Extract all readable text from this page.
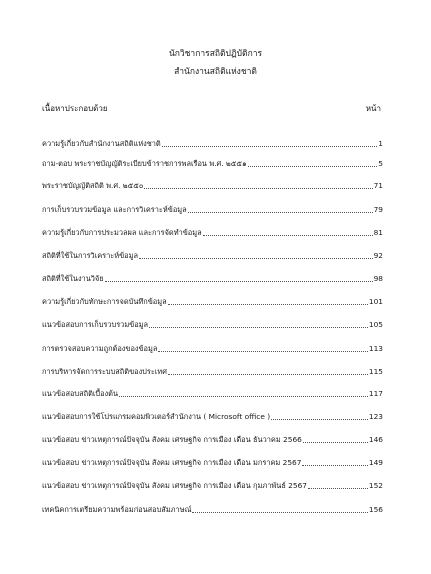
นักวิชาการสถิติปฏิบัติการ
สำนักงานสถิติแห่งชาติ
เนื้อหาประกอบด้วย	หน้า
ความรู้เกี่ยวกับสำนักงานสถิติแห่งชาติ	1
ถาม-ตอบ พระราชบัญญัติระเบียบข้าราชการพลเรือน พ.ศ. ๒๕๕๑	5
พระราชบัญญัติสถิติ พ.ศ. ๒๕๕๐	71
การเก็บรวบรวมข้อมูล และการวิเคราะห์ข้อมูล	79
ความรู้เกี่ยวกับการประมวลผล และการจัดทำข้อมูล	81
สถิติที่ใช้ในการวิเคราะห์ข้อมูล	92
สถิติที่ใช้ในงานวิจัย	98
ความรู้เกี่ยวกับทักษะการจดบันทึกข้อมูล	101
แนวข้อสอบการเก็บรวบรวมข้อมูล	105
การตรวจสอบความถูกต้องของข้อมูล	113
การบริหารจัดการระบบสถิติของประเทศ	115
แนวข้อสอบสถิติเบื้องต้น	117
แนวข้อสอบการใช้โปรแกรมคอมพิวเตอร์สำนักงาน ( Microsoft office )	123
แนวข้อสอบ ข่าวเหตุการณ์ปัจจุบัน สังคม เศรษฐกิจ การเมือง เดือน ธันวาคม 2566	146
แนวข้อสอบ ข่าวเหตุการณ์ปัจจุบัน สังคม เศรษฐกิจ การเมือง เดือน มกราคม 2567	149
แนวข้อสอบ ข่าวเหตุการณ์ปัจจุบัน สังคม เศรษฐกิจ การเมือง เดือน กุมภาพันธ์ 2567	152
เทคนิคการเตรียมความพร้อมก่อนสอบสัมภาษณ์	156
